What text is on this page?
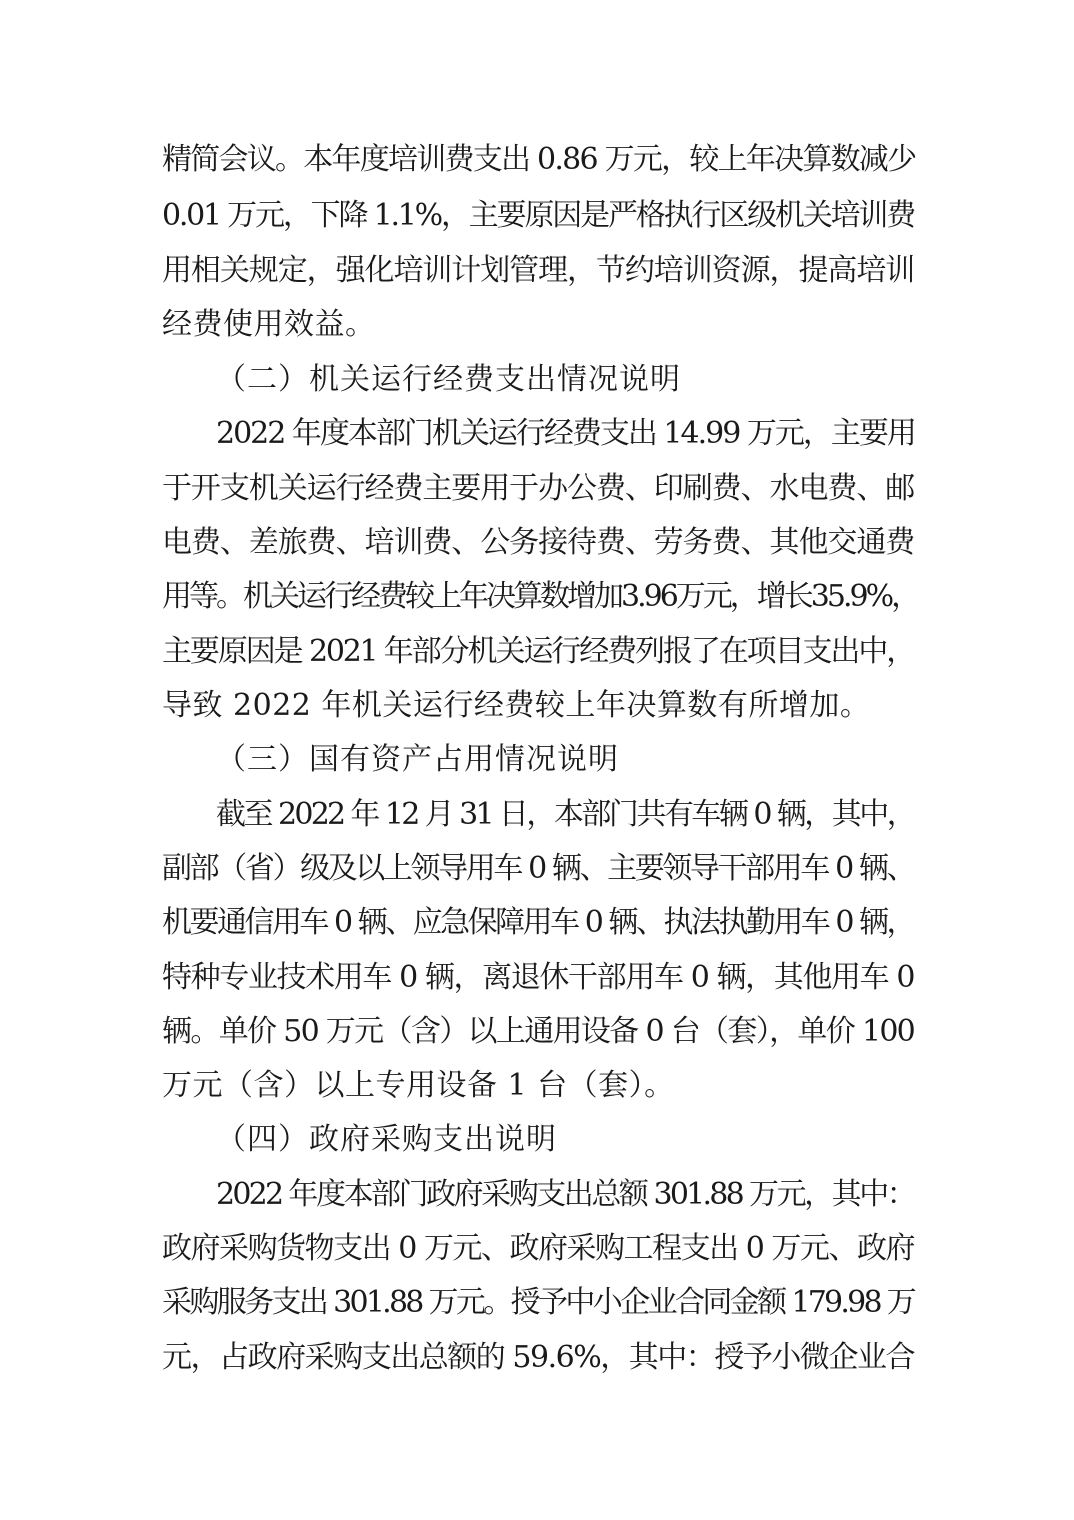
精简会议。本年度培训费支出 0.86 万元，较上年决算数减少
0.01 万元，下降 1.1%，主要原因是严格执行区级机关培训费
用相关规定，强化培训计划管理，节约培训资源，提高培训
经费使用效益。
（二）机关运行经费支出情况说明
2022 年度本部门机关运行经费支出 14.99 万元，主要用
于开支机关运行经费主要用于办公费、印刷费、水电费、邮
电费、差旅费、培训费、公务接待费、劳务费、其他交通费
用等。机关运行经费较上年决算数增加3.96万元，增长35.9%，
主要原因是 2021 年部分机关运行经费列报了在项目支出中，
导致 2022 年机关运行经费较上年决算数有所增加。
（三）国有资产占用情况说明
截至 2022 年 12 月 31 日，本部门共有车辆 0 辆，其中，
副部（省）级及以上领导用车 0 辆、主要领导干部用车 0 辆、
机要通信用车 0 辆、应急保障用车 0 辆、执法执勤用车 0 辆，
特种专业技术用车 0 辆，离退休干部用车 0 辆，其他用车 0
辆。单价 50 万元（含）以上通用设备 0 台（套），单价 100
万元（含）以上专用设备 1 台（套）。
（四）政府采购支出说明
2022 年度本部门政府采购支出总额 301.88 万元，其中：
政府采购货物支出 0 万元、政府采购工程支出 0 万元、政府
采购服务支出 301.88 万元。授予中小企业合同金额 179.98 万
元，占政府采购支出总额的 59.6%，其中：授予小微企业合
